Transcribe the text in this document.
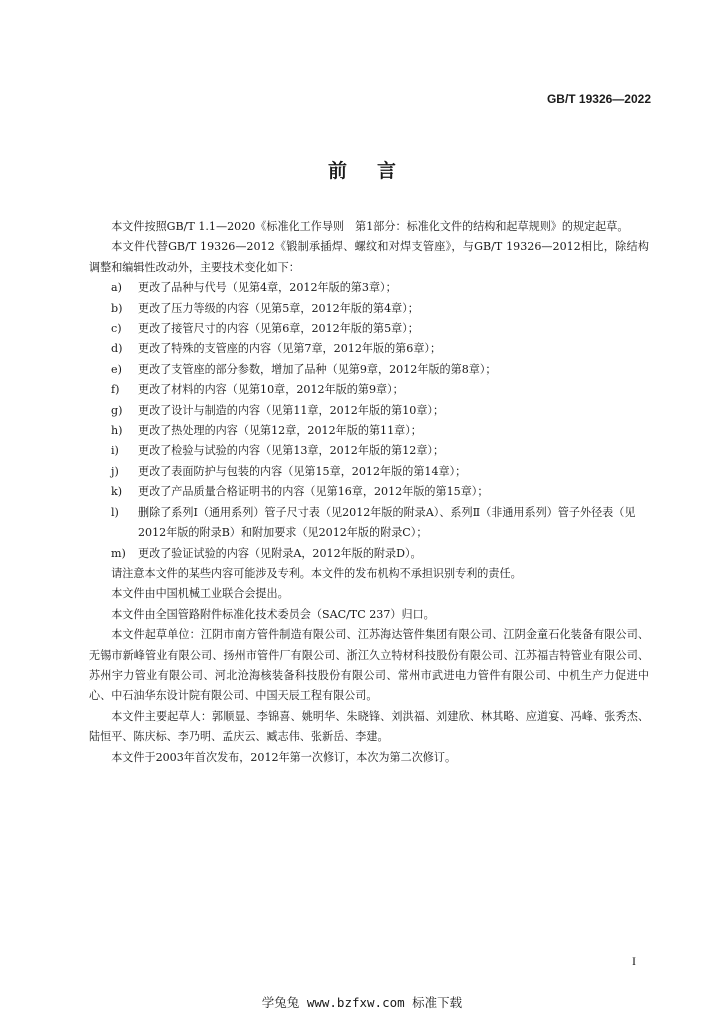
GB/T 19326—2022
前言

本文件按照GB/T 1.1—2020《标准化工作导则　第1部分：标准化文件的结构和起草规则》的规定起草。

本文件代替GB/T 19326—2012《锻制承插焊、螺纹和对焊支管座》，与GB/T 19326—2012相比，除结构调整和编辑性改动外，主要技术变化如下：

a)	更改了品种与代号（见第4章，2012年版的第3章）；
b)	更改了压力等级的内容（见第5章，2012年版的第4章）；
c)	更改了接管尺寸的内容（见第6章，2012年版的第5章）；
d)	更改了特殊的支管座的内容（见第7章，2012年版的第6章）；
e)	更改了支管座的部分参数，增加了品种（见第9章，2012年版的第8章）；
f)	更改了材料的内容（见第10章，2012年版的第9章）；
g)	更改了设计与制造的内容（见第11章，2012年版的第10章）；
h)	更改了热处理的内容（见第12章，2012年版的第11章）；
i)	更改了检验与试验的内容（见第13章，2012年版的第12章）；
j)	更改了表面防护与包装的内容（见第15章，2012年版的第14章）；
k)	更改了产品质量合格证明书的内容（见第16章，2012年版的第15章）；
l)	删除了系列Ⅰ（通用系列）管子尺寸表（见2012年版的附录A）、系列Ⅱ（非通用系列）管子外径表（见2012年版的附录B）和附加要求（见2012年版的附录C）；
m)	更改了验证试验的内容（见附录A，2012年版的附录D）。

请注意本文件的某些内容可能涉及专利。本文件的发布机构不承担识别专利的责任。

本文件由中国机械工业联合会提出。

本文件由全国管路附件标准化技术委员会（SAC/TC 237）归口。

本文件起草单位：江阴市南方管件制造有限公司、江苏海达管件集团有限公司、江阴金童石化装备有限公司、无锡市新峰管业有限公司、扬州市管件厂有限公司、浙江久立特材科技股份有限公司、江苏福吉特管业有限公司、苏州宇力管业有限公司、河北沧海核装备科技股份有限公司、常州市武进电力管件有限公司、中机生产力促进中心、中石油华东设计院有限公司、中国天辰工程有限公司。

本文件主要起草人：郭顺显、李锦喜、姚明华、朱晓锋、刘洪福、刘建欣、林其略、应道宴、冯峰、张秀杰、陆恒平、陈庆标、李乃明、孟庆云、臧志伟、张新岳、李建。

本文件于2003年首次发布，2012年第一次修订，本次为第二次修订。

I
学兔兔 www.bzfxw.com 标准下载
